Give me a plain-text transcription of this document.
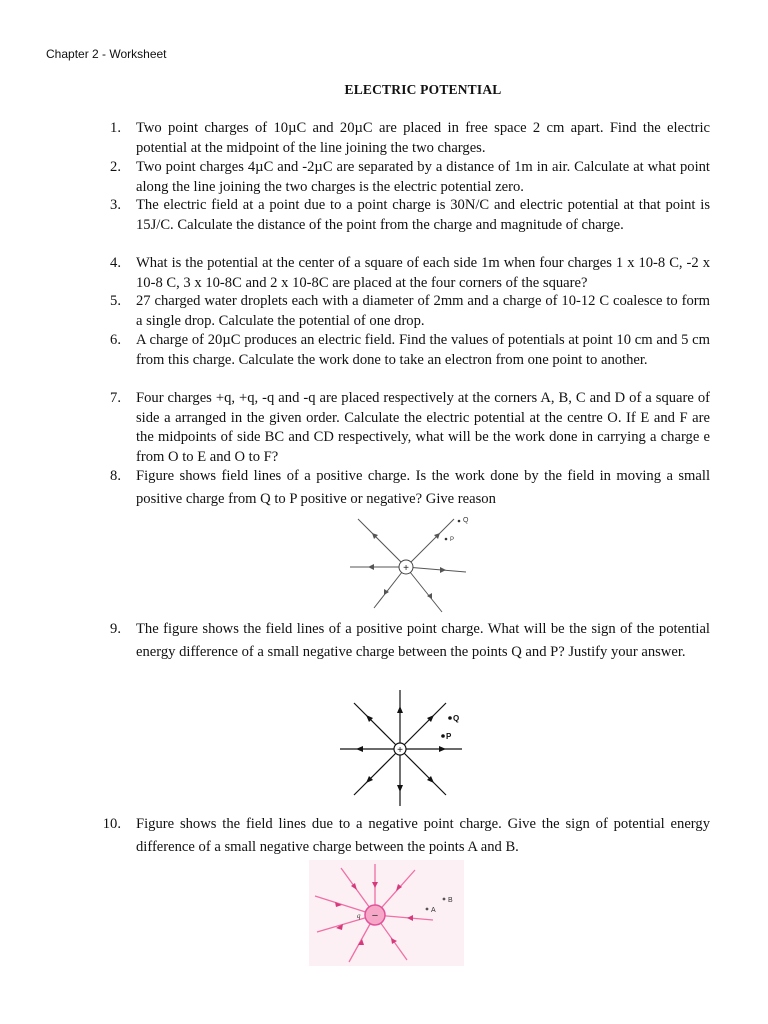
Chapter 2 - Worksheet
ELECTRIC POTENTIAL
1. Two point charges of 10µC and 20µC are placed in free space 2 cm apart. Find the electric potential at the midpoint of the line joining the two charges.
2. Two point charges 4µC and -2µC are separated by a distance of 1m in air. Calculate at what point along the line joining the two charges is the electric potential zero.
3. The electric field at a point due to a point charge is 30N/C and electric potential at that point is 15J/C. Calculate the distance of the point from the charge and magnitude of charge.
4. What is the potential at the center of a square of each side 1m when four charges 1 x 10-8 C, -2 x 10-8 C, 3 x 10-8C and 2 x 10-8C are placed at the four corners of the square?
5. 27 charged water droplets each with a diameter of 2mm and a charge of 10-12 C coalesce to form a single drop. Calculate the potential of one drop.
6. A charge of 20µC produces an electric field. Find the values of potentials at point 10 cm and 5 cm from this charge. Calculate the work done to take an electron from one point to another.
7. Four charges +q, +q, -q and -q are placed respectively at the corners A, B, C and D of a square of side a arranged in the given order. Calculate the electric potential at the centre O. If E and F are the midpoints of side BC and CD respectively, what will be the work done in carrying a charge e from O to E and O to F?
8. Figure shows field lines of a positive charge. Is the work done by the field in moving a small positive charge from Q to P positive or negative? Give reason
+
Q
P
9. The figure shows the field lines of a positive point charge. What will be the sign of the potential energy difference of a small negative charge between the points Q and P? Justify your answer.
+
Q
P
10. Figure shows the field lines due to a negative point charge. Give the sign of potential energy difference of a small negative charge between the points A and B.
−
q
A
B
